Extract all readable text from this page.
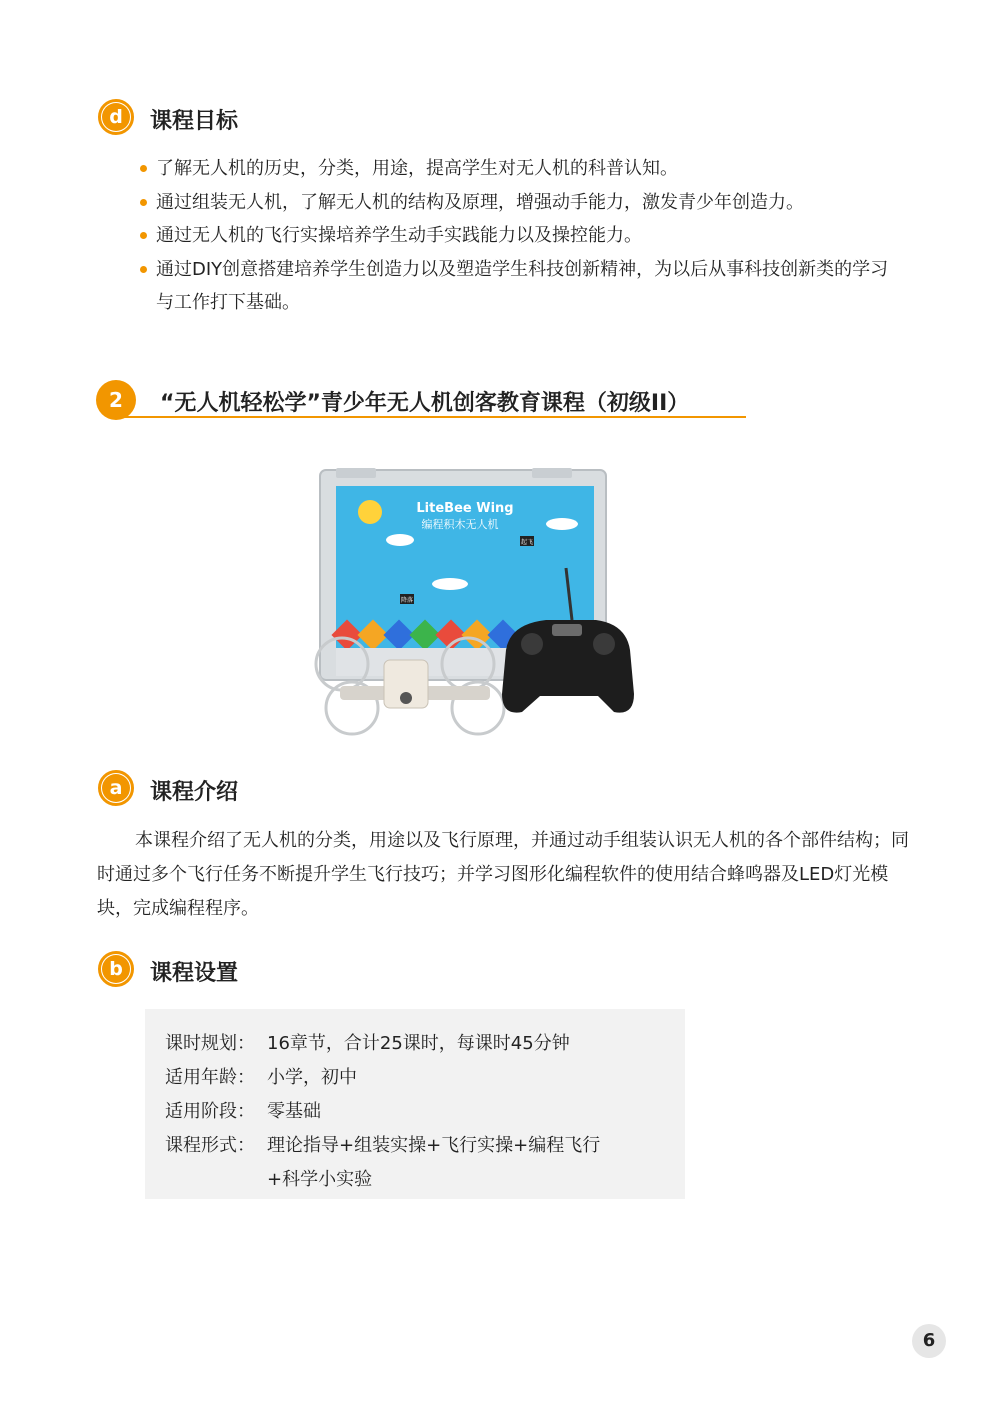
d	课程目标
了解无人机的历史，分类，用途，提高学生对无人机的科普认知。
通过组装无人机，了解无人机的结构及原理，增强动手能力，激发青少年创造力。
通过无人机的飞行实操培养学生动手实践能力以及操控能力。
通过DIY创意搭建培养学生创造力以及塑造学生科技创新精神，为以后从事科技创新类的学习与工作打下基础。
2	“无人机轻松学”青少年无人机创客教育课程（初级II）
LiteBee Wing
编程积木无人机
起飞
降落
a	课程介绍

本课程介绍了无人机的分类，用途以及飞行原理，并通过动手组装认识无人机的各个部件结构；同时通过多个飞行任务不断提升学生飞行技巧；并学习图形化编程软件的使用结合蜂鸣器及LED灯光模块，完成编程程序。

b	课程设置
课时规划： 16章节，合计25课时，每课时45分钟
适用年龄： 小学，初中
适用阶段： 零基础
课程形式： 理论指导+组装实操+飞行实操+编程飞行
+科学小实验
6
